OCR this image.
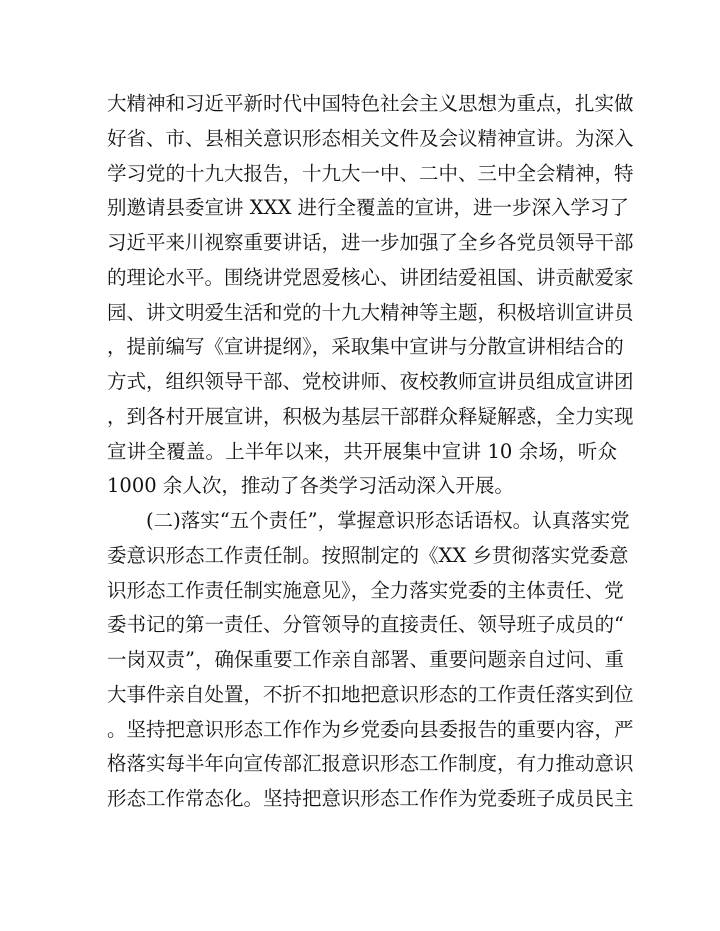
大精神和习近平新时代中国特色社会主义思想为重点，扎实做
好省、市、县相关意识形态相关文件及会议精神宣讲。为深入
学习党的十九大报告，十九大一中、二中、三中全会精神，特
别邀请县委宣讲 XXX 进行全覆盖的宣讲，进一步深入学习了
习近平来川视察重要讲话，进一步加强了全乡各党员领导干部
的理论水平。围绕讲党恩爱核心、讲团结爱祖国、讲贡献爱家
园、讲文明爱生活和党的十九大精神等主题，积极培训宣讲员
，提前编写《宣讲提纲》，采取集中宣讲与分散宣讲相结合的
方式，组织领导干部、党校讲师、夜校教师宣讲员组成宣讲团
，到各村开展宣讲，积极为基层干部群众释疑解惑，全力实现
宣讲全覆盖。上半年以来，共开展集中宣讲 10 余场，听众
1000 余人次，推动了各类学习活动深入开展。
(二)落实“五个责任”，掌握意识形态话语权。认真落实党
委意识形态工作责任制。按照制定的《XX 乡贯彻落实党委意
识形态工作责任制实施意见》，全力落实党委的主体责任、党
委书记的第一责任、分管领导的直接责任、领导班子成员的“
一岗双责”，确保重要工作亲自部署、重要问题亲自过问、重
大事件亲自处置，不折不扣地把意识形态的工作责任落实到位
。坚持把意识形态工作作为乡党委向县委报告的重要内容，严
格落实每半年向宣传部汇报意识形态工作制度，有力推动意识
形态工作常态化。坚持把意识形态工作作为党委班子成员民主
